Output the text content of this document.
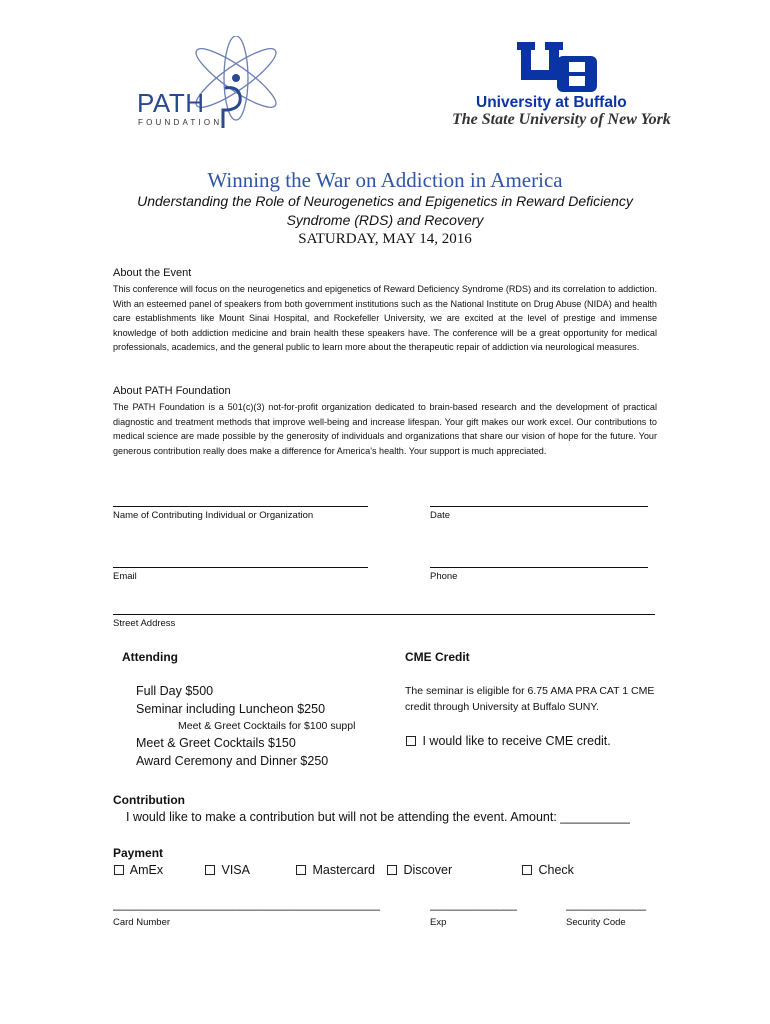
PATH
FOUNDATION
University at Buffalo
The State University of New York
Winning the War on Addiction in America
Understanding the Role of Neurogenetics and Epigenetics in Reward Deficiency Syndrome (RDS) and Recovery
SATURDAY, MAY 14, 2016
About the Event
This conference will focus on the neurogenetics and epigenetics of Reward Deficiency Syndrome (RDS) and its correlation to addiction. With an esteemed panel of speakers from both government institutions such as the National Institute on Drug Abuse (NIDA) and health care establishments like Mount Sinai Hospital, and Rockefeller University, we are excited at the level of prestige and immense knowledge of both addiction medicine and brain health these speakers have. The conference will be a great opportunity for medical professionals, academics, and the general public to learn more about the therapeutic repair of addiction via neurological measures.
About PATH Foundation
The PATH Foundation is a 501(c)(3) not-for-profit organization dedicated to brain-based research and the development of practical diagnostic and treatment methods that improve well-being and increase lifespan. Your gift makes our work excel. Our contributions to medical science are made possible by the generosity of individuals and organizations that share our vision of hope for the future. Your generous contribution really does make a difference for America’s health. Your support is much appreciated.
Name of Contributing Individual or Organization	Date
Email	Phone
Street Address
Attending
Full Day $500
Seminar including Luncheon $250
Meet & Greet Cocktails for $100 suppl
Meet & Greet Cocktails $150
Award Ceremony and Dinner $250
CME Credit
The seminar is eligible for 6.75 AMA PRA CAT 1 CME credit through University at Buffalo SUNY.
I would like to receive CME credit.
Contribution
I would like to make a contribution but will not be attending the event. Amount: __________
Payment
AmEx	VISA	Mastercard	Discover	Check
________________________________________
Card Number
_____________
Exp
____________
Security Code
